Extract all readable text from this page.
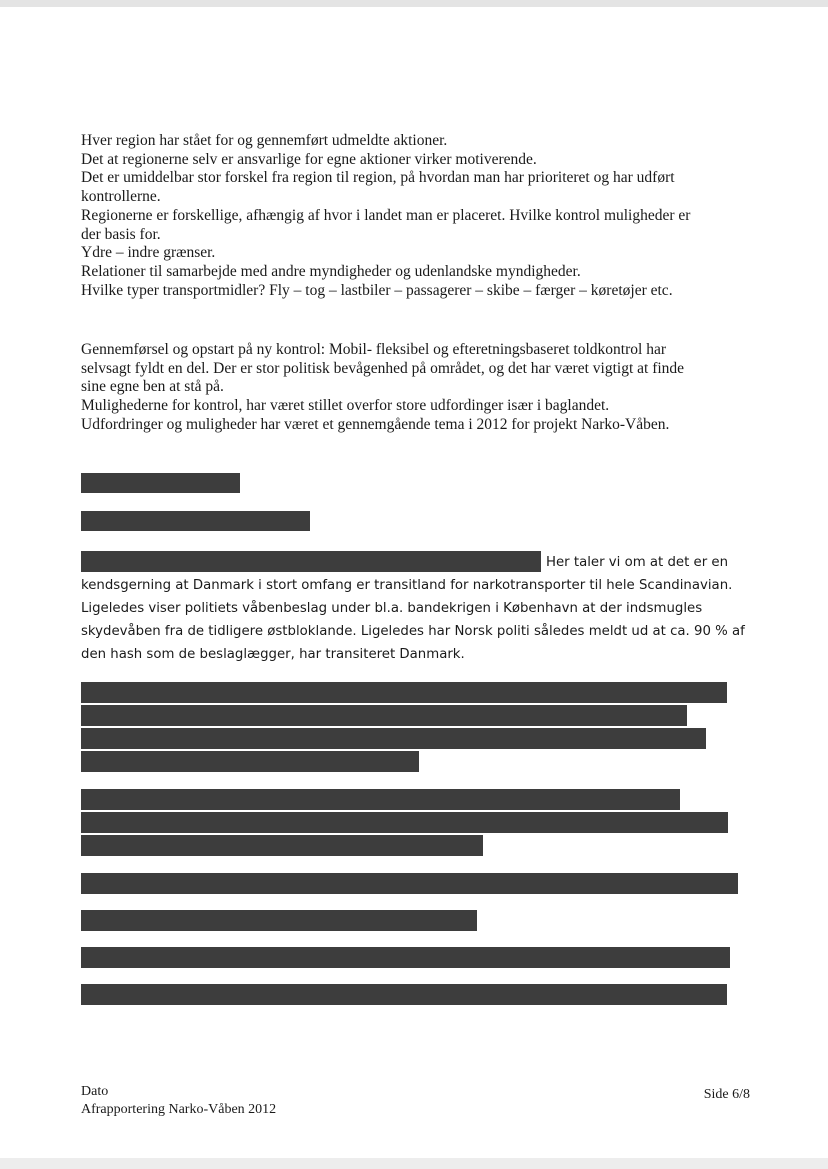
Hver region har stået for og gennemført udmeldte aktioner.
Det at regionerne selv er ansvarlige for egne aktioner virker motiverende.
Det er umiddelbar stor forskel fra region til region, på hvordan man har prioriteret og har udført
kontrollerne.
Regionerne er forskellige, afhængig af hvor i landet man er placeret. Hvilke kontrol muligheder er
der basis for.
Ydre – indre grænser.
Relationer til samarbejde med andre myndigheder og udenlandske myndigheder.
Hvilke typer transportmidler? Fly – tog – lastbiler – passagerer – skibe – færger – køretøjer etc.
Gennemførsel og opstart på ny kontrol: Mobil- fleksibel og efteretningsbaseret toldkontrol har
selvsagt fyldt en del. Der er stor politisk bevågenhed på området, og det har været vigtigt at finde
sine egne ben at stå på.
Mulighederne for kontrol, har været stillet overfor store udfordinger især i baglandet.
Udfordringer og muligheder har været et gennemgående tema i 2012 for projekt Narko-Våben.
Her taler vi om at det er en
kendsgerning at Danmark i stort omfang er transitland for narkotransporter til hele Scandinavian.
Ligeledes viser politiets våbenbeslag under bl.a. bandekrigen i København at der indsmugles
skydevåben fra de tidligere østbloklande. Ligeledes har Norsk politi således meldt ud at ca. 90 % af
den hash som de beslaglægger, har transiteret Danmark.
Dato
Afrapportering Narko-Våben 2012
Side 6/8
